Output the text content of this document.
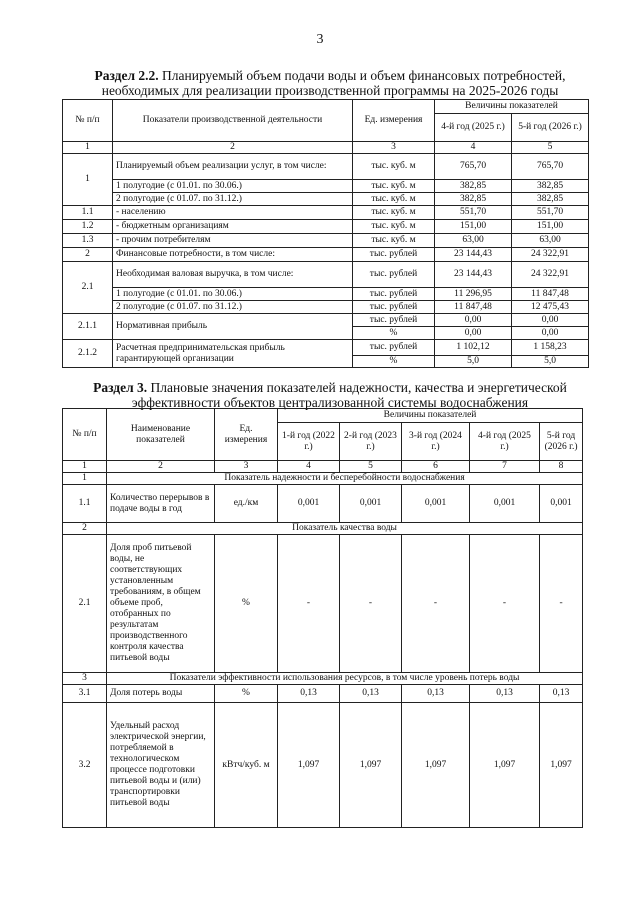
3
Раздел 2.2. Планируемый объем подачи воды и объем финансовых потребностей,
необходимых для реализации производственной программы на 2025-2026 годы
№ п/п	Показатели производственной деятельности	Ед. измерения	Величины показателей	
			4-й год (2025 г.)	5-й год (2026 г.)
1	2	3	4	5
1	Планируемый объем реализации услуг, в том числе:	тыс. куб. м	765,70	765,70
	1 полугодие (с 01.01. по 30.06.)	тыс. куб. м	382,85	382,85
	2 полугодие (с 01.07. по 31.12.)	тыс. куб. м	382,85	382,85
1.1	- населению	тыс. куб. м	551,70	551,70
1.2	- бюджетным организациям	тыс. куб. м	151,00	151,00
1.3	- прочим потребителям	тыс. куб. м	63,00	63,00
2	Финансовые потребности, в том числе:	тыс. рублей	23 144,43	24 322,91
2.1	Необходимая валовая выручка, в том числе:	тыс. рублей	23 144,43	24 322,91
	1 полугодие (с 01.01. по 30.06.)	тыс. рублей	11 296,95	11 847,48
	2 полугодие (с 01.07. по 31.12.)	тыс. рублей	11 847,48	12 475,43
2.1.1	Нормативная прибыль	тыс. рублей	0,00	0,00
		%	0,00	0,00
2.1.2	Расчетная предпринимательская прибыль гарантирующей организации	тыс. рублей	1 102,12	1 158,23
		%	5,0	5,0
Раздел 3. Плановые значения показателей надежности, качества и энергетической
эффективности объектов централизованной системы водоснабжения
№ п/п	Наименование показателей	Ед. измерения	Величины показателей				
			1-й год (2022 г.)	2-й год (2023 г.)	3-й год (2024 г.)	4-й год (2025 г.)	5-й год (2026 г.)
1	2	3	4	5	6	7	8
1	Показатель надежности и бесперебойности водоснабжения						
1.1	Количество перерывов в подаче воды в год	ед./км	0,001	0,001	0,001	0,001	0,001
2	Показатель качества воды						
2.1	Доля проб питьевой воды, не соответствующих установленным требованиям, в общем объеме проб, отобранных по результатам производственного контроля качества питьевой воды	%	-	-	-	-	-
3	Показатели эффективности использования ресурсов, в том числе уровень потерь воды						
3.1	Доля потерь воды	%	0,13	0,13	0,13	0,13	0,13
3.2	Удельный расход электрической энергии, потребляемой в технологическом процессе подготовки питьевой воды и (или) транспортировки питьевой воды	кВтч/куб. м	1,097	1,097	1,097	1,097	1,097
